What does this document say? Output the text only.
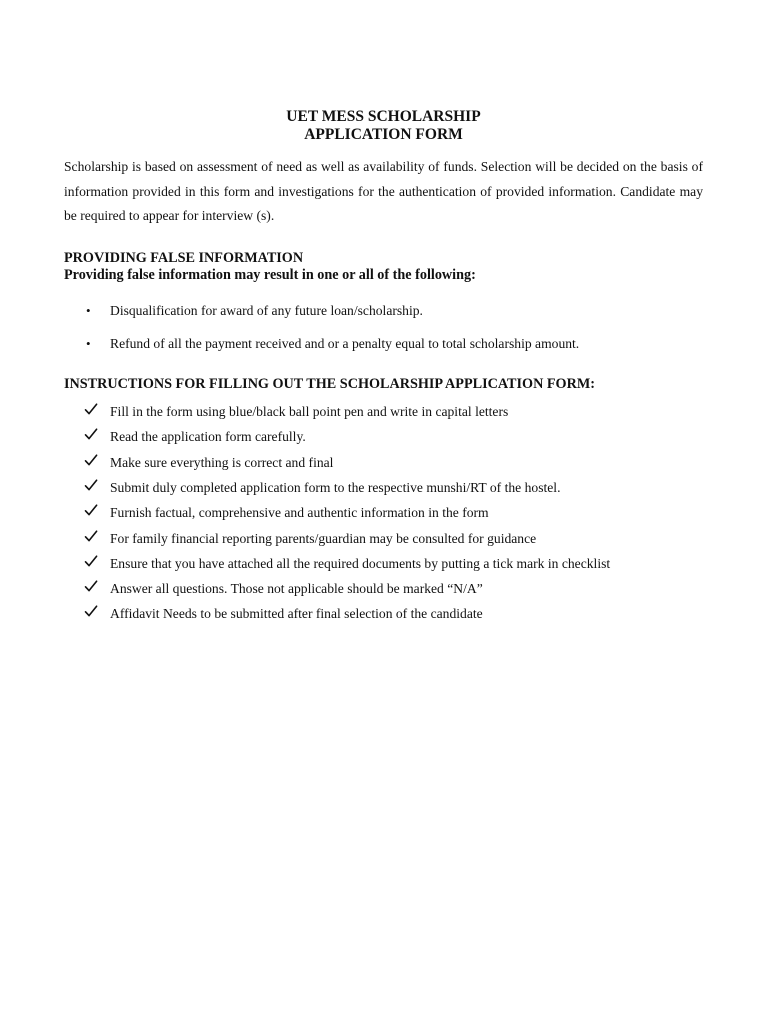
UET MESS SCHOLARSHIP
APPLICATION FORM

Scholarship is based on assessment of need as well as availability of funds. Selection will be decided on the basis of information provided in this form and investigations for the authentication of provided information. Candidate may be required to appear for interview (s).

PROVIDING FALSE INFORMATION
Providing false information may result in one or all of the following:
• Disqualification for award of any future loan/scholarship.
• Refund of all the payment received and or a penalty equal to total scholarship amount.
INSTRUCTIONS FOR FILLING OUT THE SCHOLARSHIP APPLICATION FORM:
Fill in the form using blue/black ball point pen and write in capital letters
Read the application form carefully.
Make sure everything is correct and final
Submit duly completed application form to the respective munshi/RT of the hostel.
Furnish factual, comprehensive and authentic information in the form
For family financial reporting parents/guardian may be consulted for guidance
Ensure that you have attached all the required documents by putting a tick mark in checklist
Answer all questions. Those not applicable should be marked “N/A”
Affidavit Needs to be submitted after final selection of the candidate
